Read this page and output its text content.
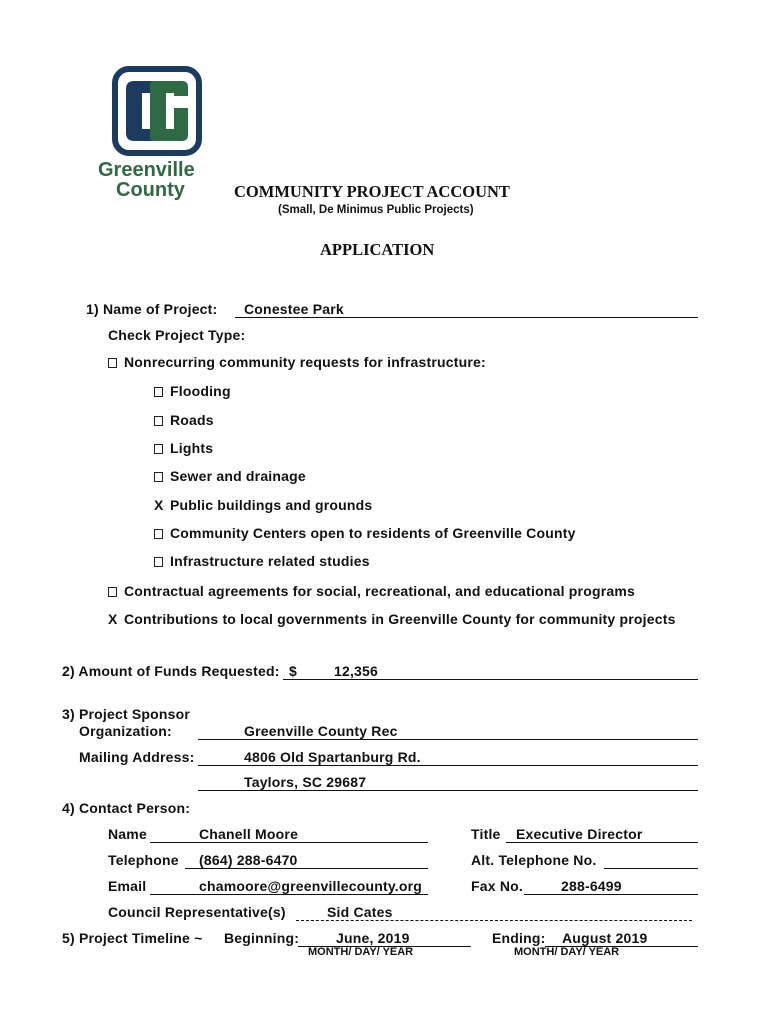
Greenville
County	COMMUNITY PROJECT ACCOUNT
(Small, De Minimus Public Projects)
APPLICATION
1) Name of Project: Conestee Park
Check Project Type:
Nonrecurring community requests for infrastructure:
Flooding
Roads
Lights
Sewer and drainage
X Public buildings and grounds
Community Centers open to residents of Greenville County
Infrastructure related studies
Contractual agreements for social, recreational, and educational programs
X Contributions to local governments in Greenville County for community projects
2) Amount of Funds Requested: $	12,356
3) Project Sponsor
Organization:	Greenville County Rec
Mailing Address:	4806 Old Spartanburg Rd.
Taylors, SC 29687
4) Contact Person:
Name	Chanell Moore	Title Executive Director
Telephone (864) 288-6470	Alt. Telephone No.
Email	chamoore@greenvillecounty.org	Fax No.	288-6499
Council Representative(s)	Sid Cates
5) Project Timeline ~ Beginning:	June, 2019
MONTH/ DAY/ YEAR
Ending: August 2019
MONTH/ DAY/ YEAR
